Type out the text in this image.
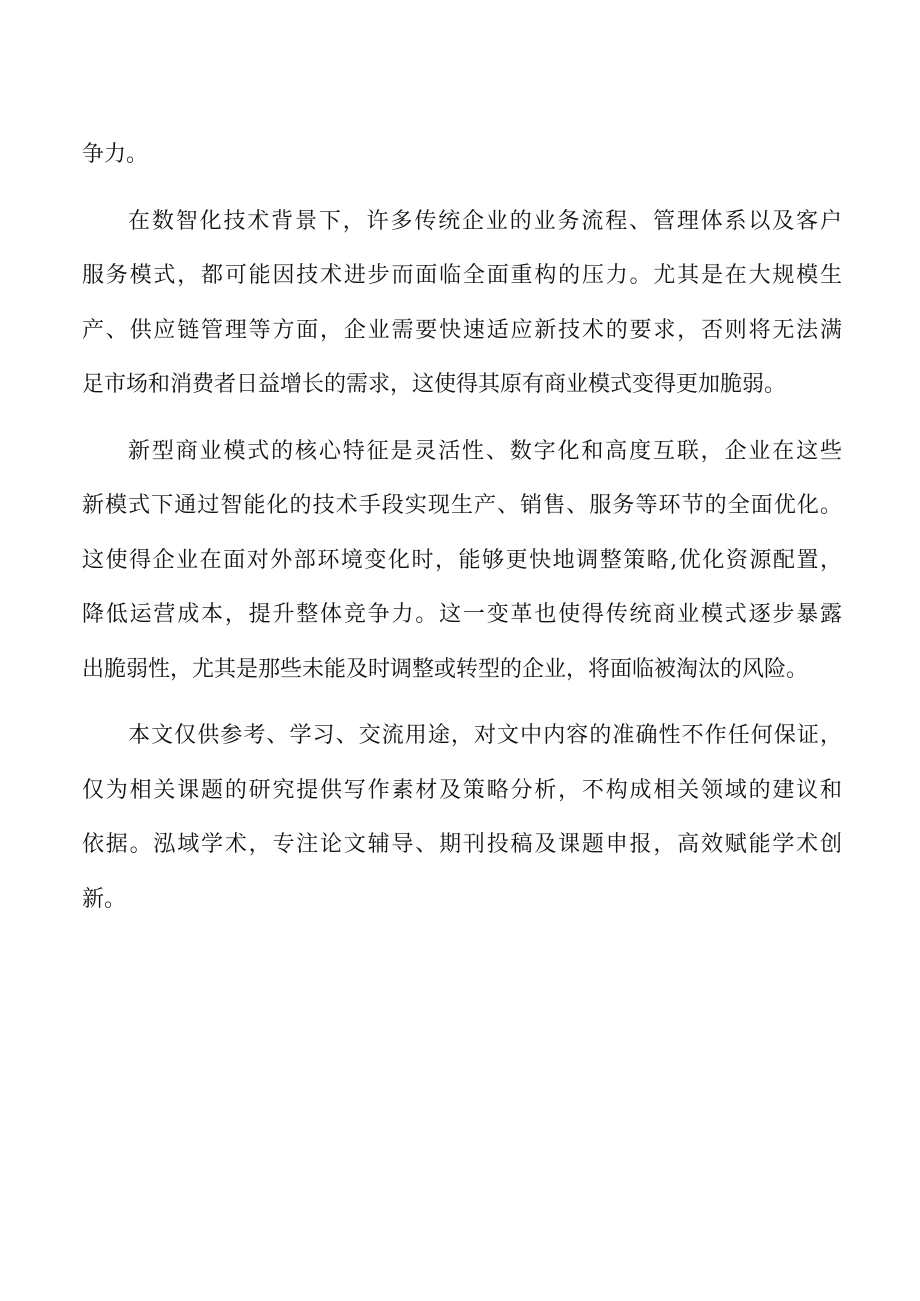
争力。
在数智化技术背景下，许多传统企业的业务流程、管理体系以及客户
服务模式，都可能因技术进步而面临全面重构的压力。尤其是在大规模生
产、供应链管理等方面，企业需要快速适应新技术的要求，否则将无法满
足市场和消费者日益增长的需求，这使得其原有商业模式变得更加脆弱。
新型商业模式的核心特征是灵活性、数字化和高度互联，企业在这些
新模式下通过智能化的技术手段实现生产、销售、服务等环节的全面优化。
这使得企业在面对外部环境变化时，能够更快地调整策略,优化资源配置，
降低运营成本，提升整体竞争力。这一变革也使得传统商业模式逐步暴露
出脆弱性，尤其是那些未能及时调整或转型的企业，将面临被淘汰的风险。
本文仅供参考、学习、交流用途，对文中内容的准确性不作任何保证，
仅为相关课题的研究提供写作素材及策略分析，不构成相关领域的建议和
依据。泓域学术，专注论文辅导、期刊投稿及课题申报，高效赋能学术创
新。
